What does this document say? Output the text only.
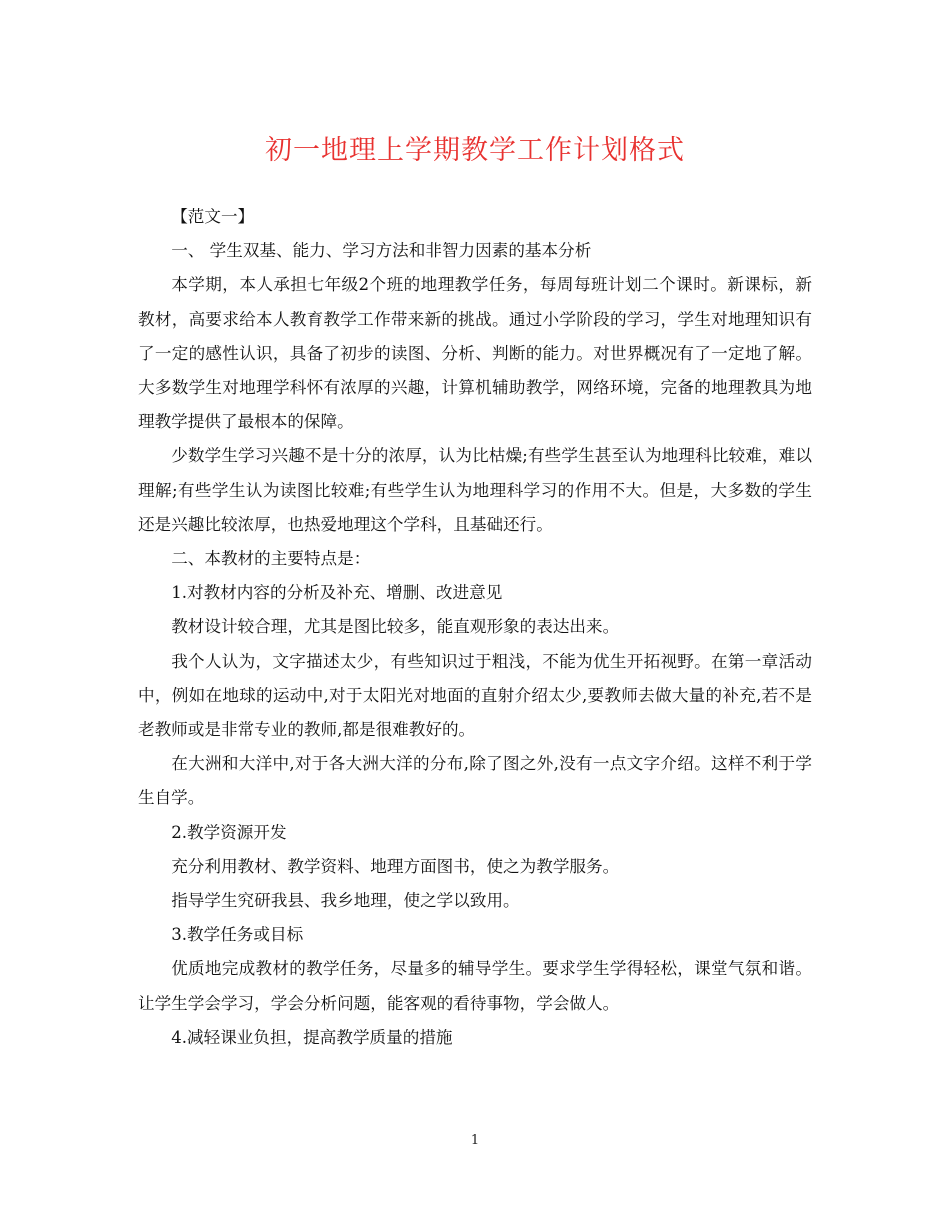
初一地理上学期教学工作计划格式

【范文一】

一、 学生双基、能力、学习方法和非智力因素的基本分析

本学期，本人承担七年级2个班的地理教学任务，每周每班计划二个课时。新课标，新教材，高要求给本人教育教学工作带来新的挑战。通过小学阶段的学习，学生对地理知识有了一定的感性认识，具备了初步的读图、分析、判断的能力。对世界概况有了一定地了解。大多数学生对地理学科怀有浓厚的兴趣，计算机辅助教学，网络环境，完备的地理教具为地理教学提供了最根本的保障。

少数学生学习兴趣不是十分的浓厚，认为比枯燥;有些学生甚至认为地理科比较难，难以理解;有些学生认为读图比较难;有些学生认为地理科学习的作用不大。但是，大多数的学生还是兴趣比较浓厚，也热爱地理这个学科，且基础还行。

二、本教材的主要特点是：

1.对教材内容的分析及补充、增删、改进意见

教材设计较合理，尤其是图比较多，能直观形象的表达出来。

我个人认为，文字描述太少，有些知识过于粗浅，不能为优生开拓视野。在第一章活动中，例如在地球的运动中,对于太阳光对地面的直射介绍太少,要教师去做大量的补充,若不是老教师或是非常专业的教师,都是很难教好的。

在大洲和大洋中,对于各大洲大洋的分布,除了图之外,没有一点文字介绍。这样不利于学生自学。

2.教学资源开发

充分利用教材、教学资料、地理方面图书，使之为教学服务。

指导学生究研我县、我乡地理，使之学以致用。

3.教学任务或目标

优质地完成教材的教学任务，尽量多的辅导学生。要求学生学得轻松，课堂气氛和谐。让学生学会学习，学会分析问题，能客观的看待事物，学会做人。

4.减轻课业负担，提高教学质量的措施

1
